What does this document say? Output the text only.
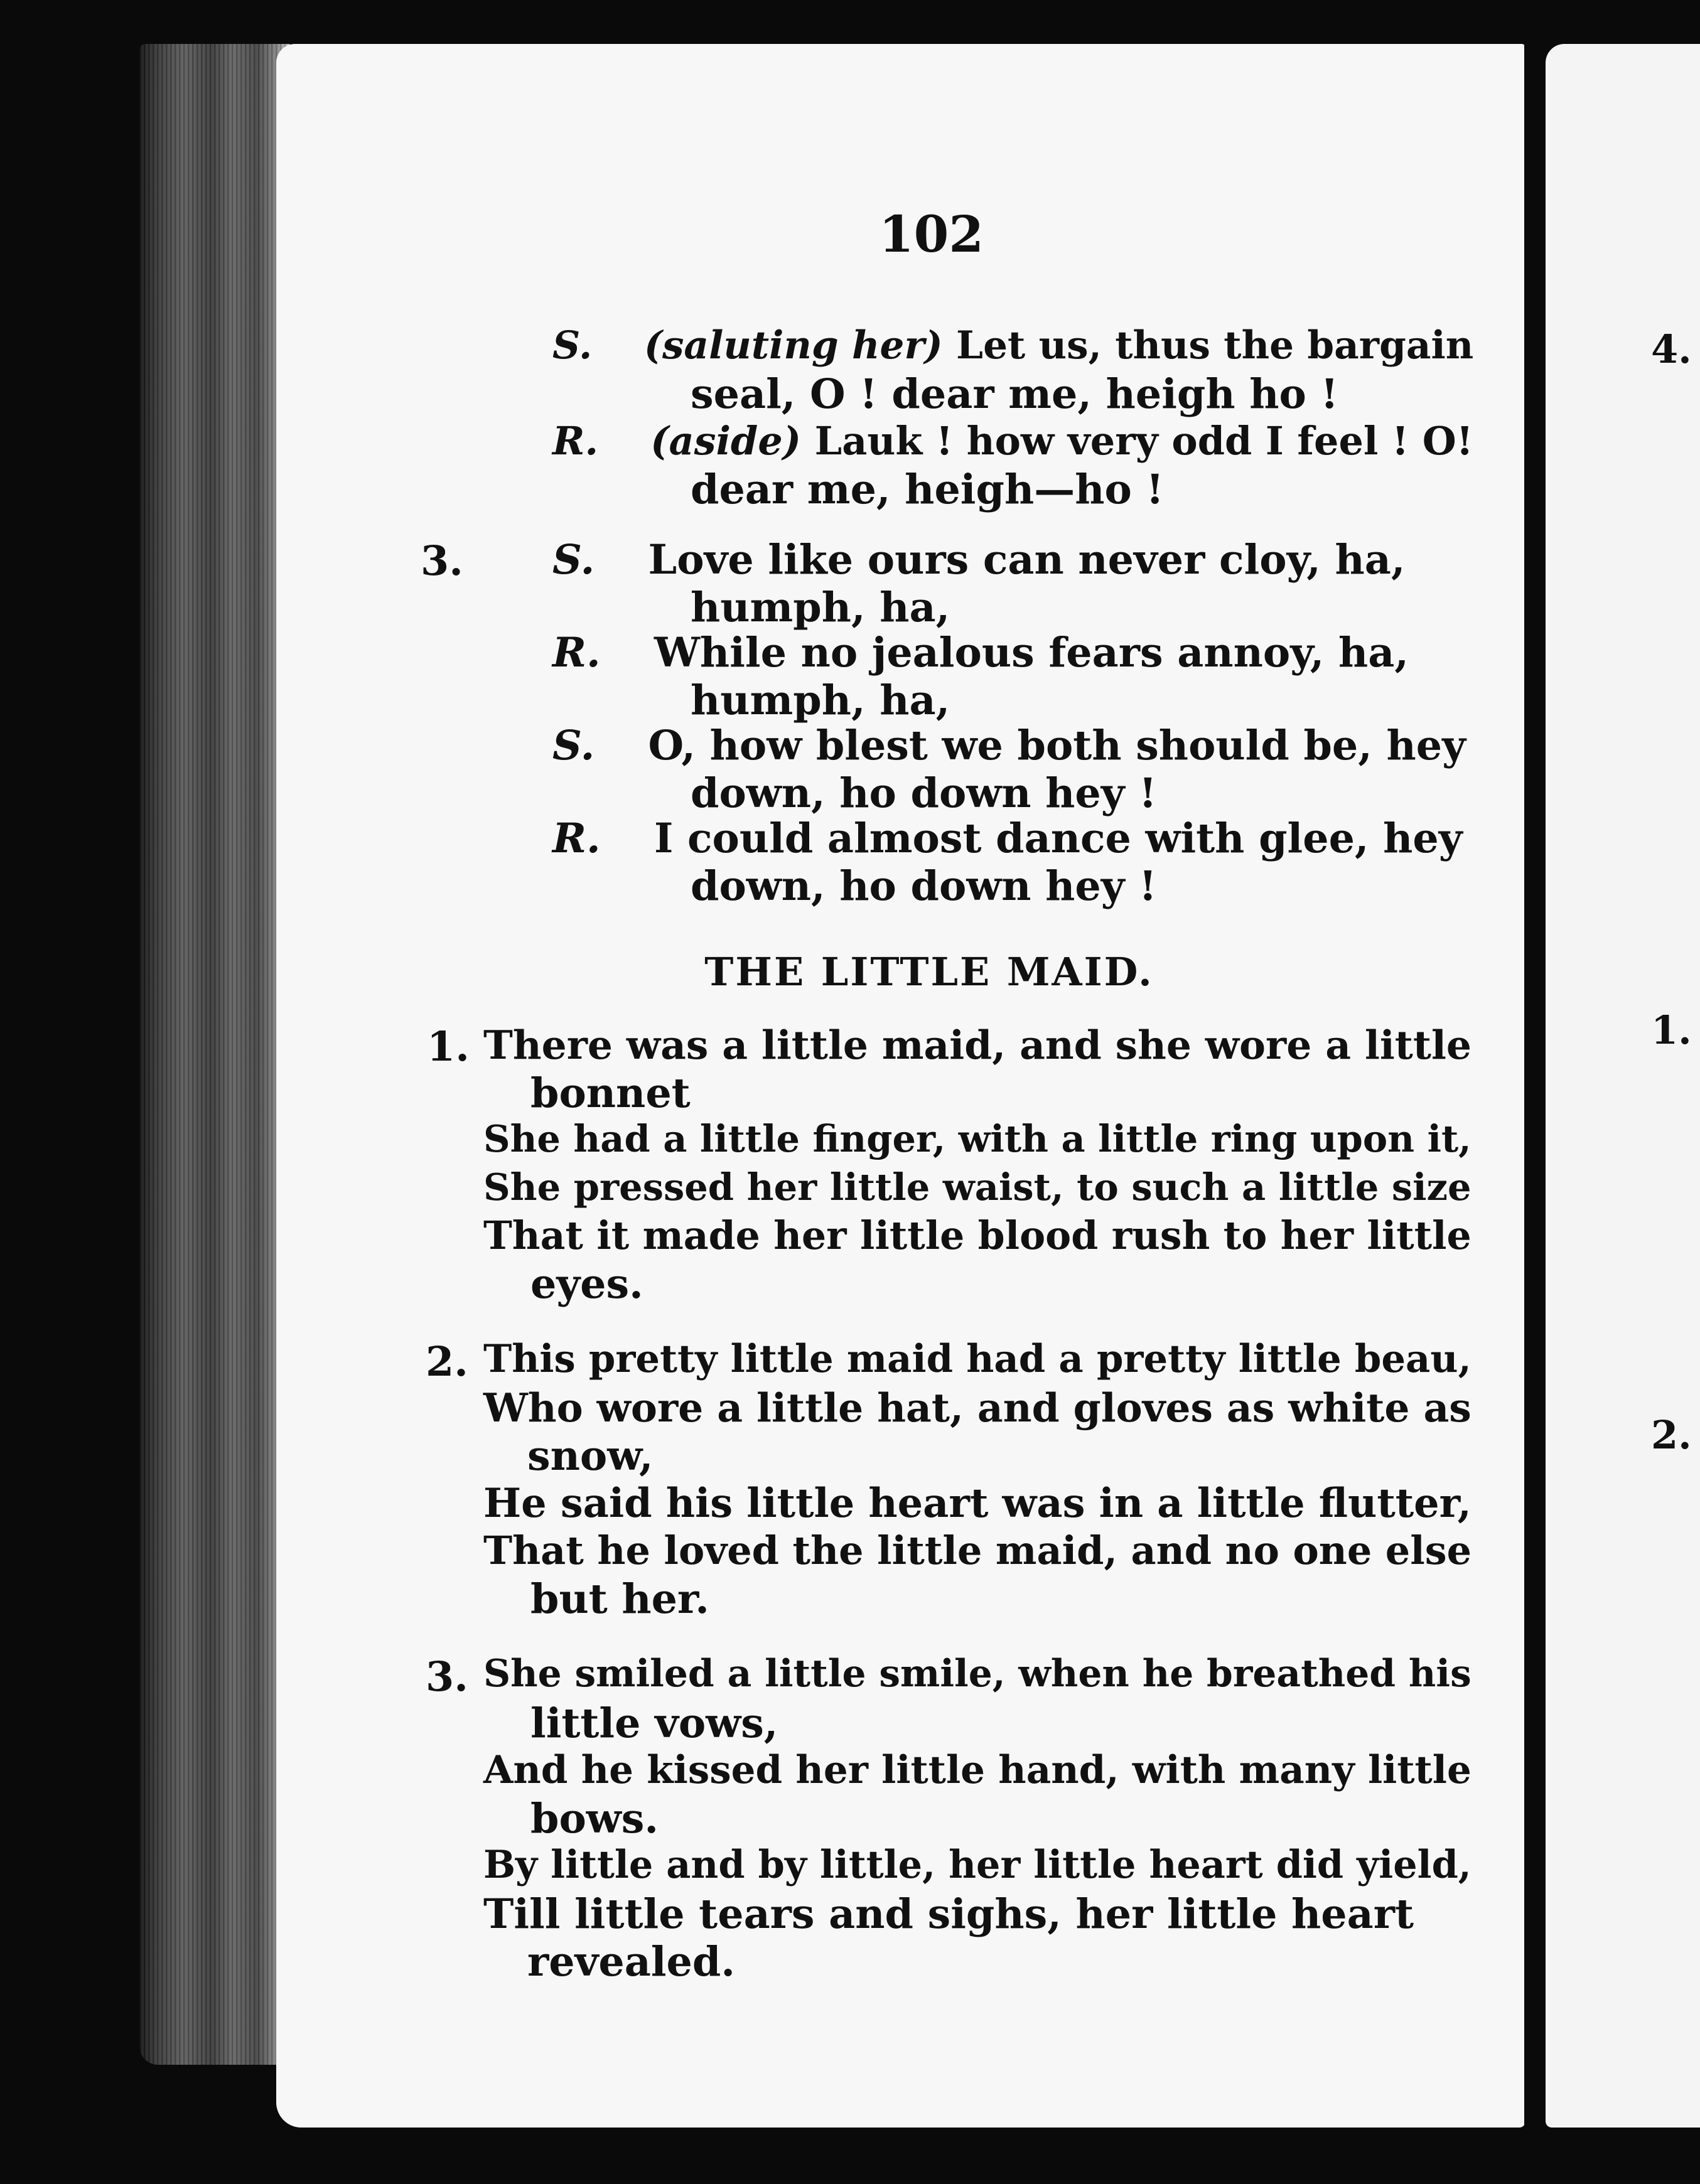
102
S. (saluting her) Let us, thus the bargain
seal, O ! dear me, heigh ho !
R. (aside) Lauk ! how very odd I feel ! O!
dear me, heigh—ho !
3. S. Love like ours can never cloy, ha,
humph, ha,
R. While no jealous fears annoy, ha,
humph, ha,
S. O, how blest we both should be, hey
down, ho down hey !
R. I could almost dance with glee, hey
down, ho down hey !
THE LITTLE MAID.
1. There was a little maid, and she wore a little
bonnet
She had a little finger, with a little ring upon it,
She pressed her little waist, to such a little size
That it made her little blood rush to her little
eyes.
2. This pretty little maid had a pretty little beau,
Who wore a little hat, and gloves as white as
snow,
He said his little heart was in a little flutter,
That he loved the little maid, and no one else
but her.
3. She smiled a little smile, when he breathed his
little vows,
And he kissed her little hand, with many little
bows.
By little and by little, her little heart did yield,
Till little tears and sighs, her little heart
revealed.
4.
1.
2.
